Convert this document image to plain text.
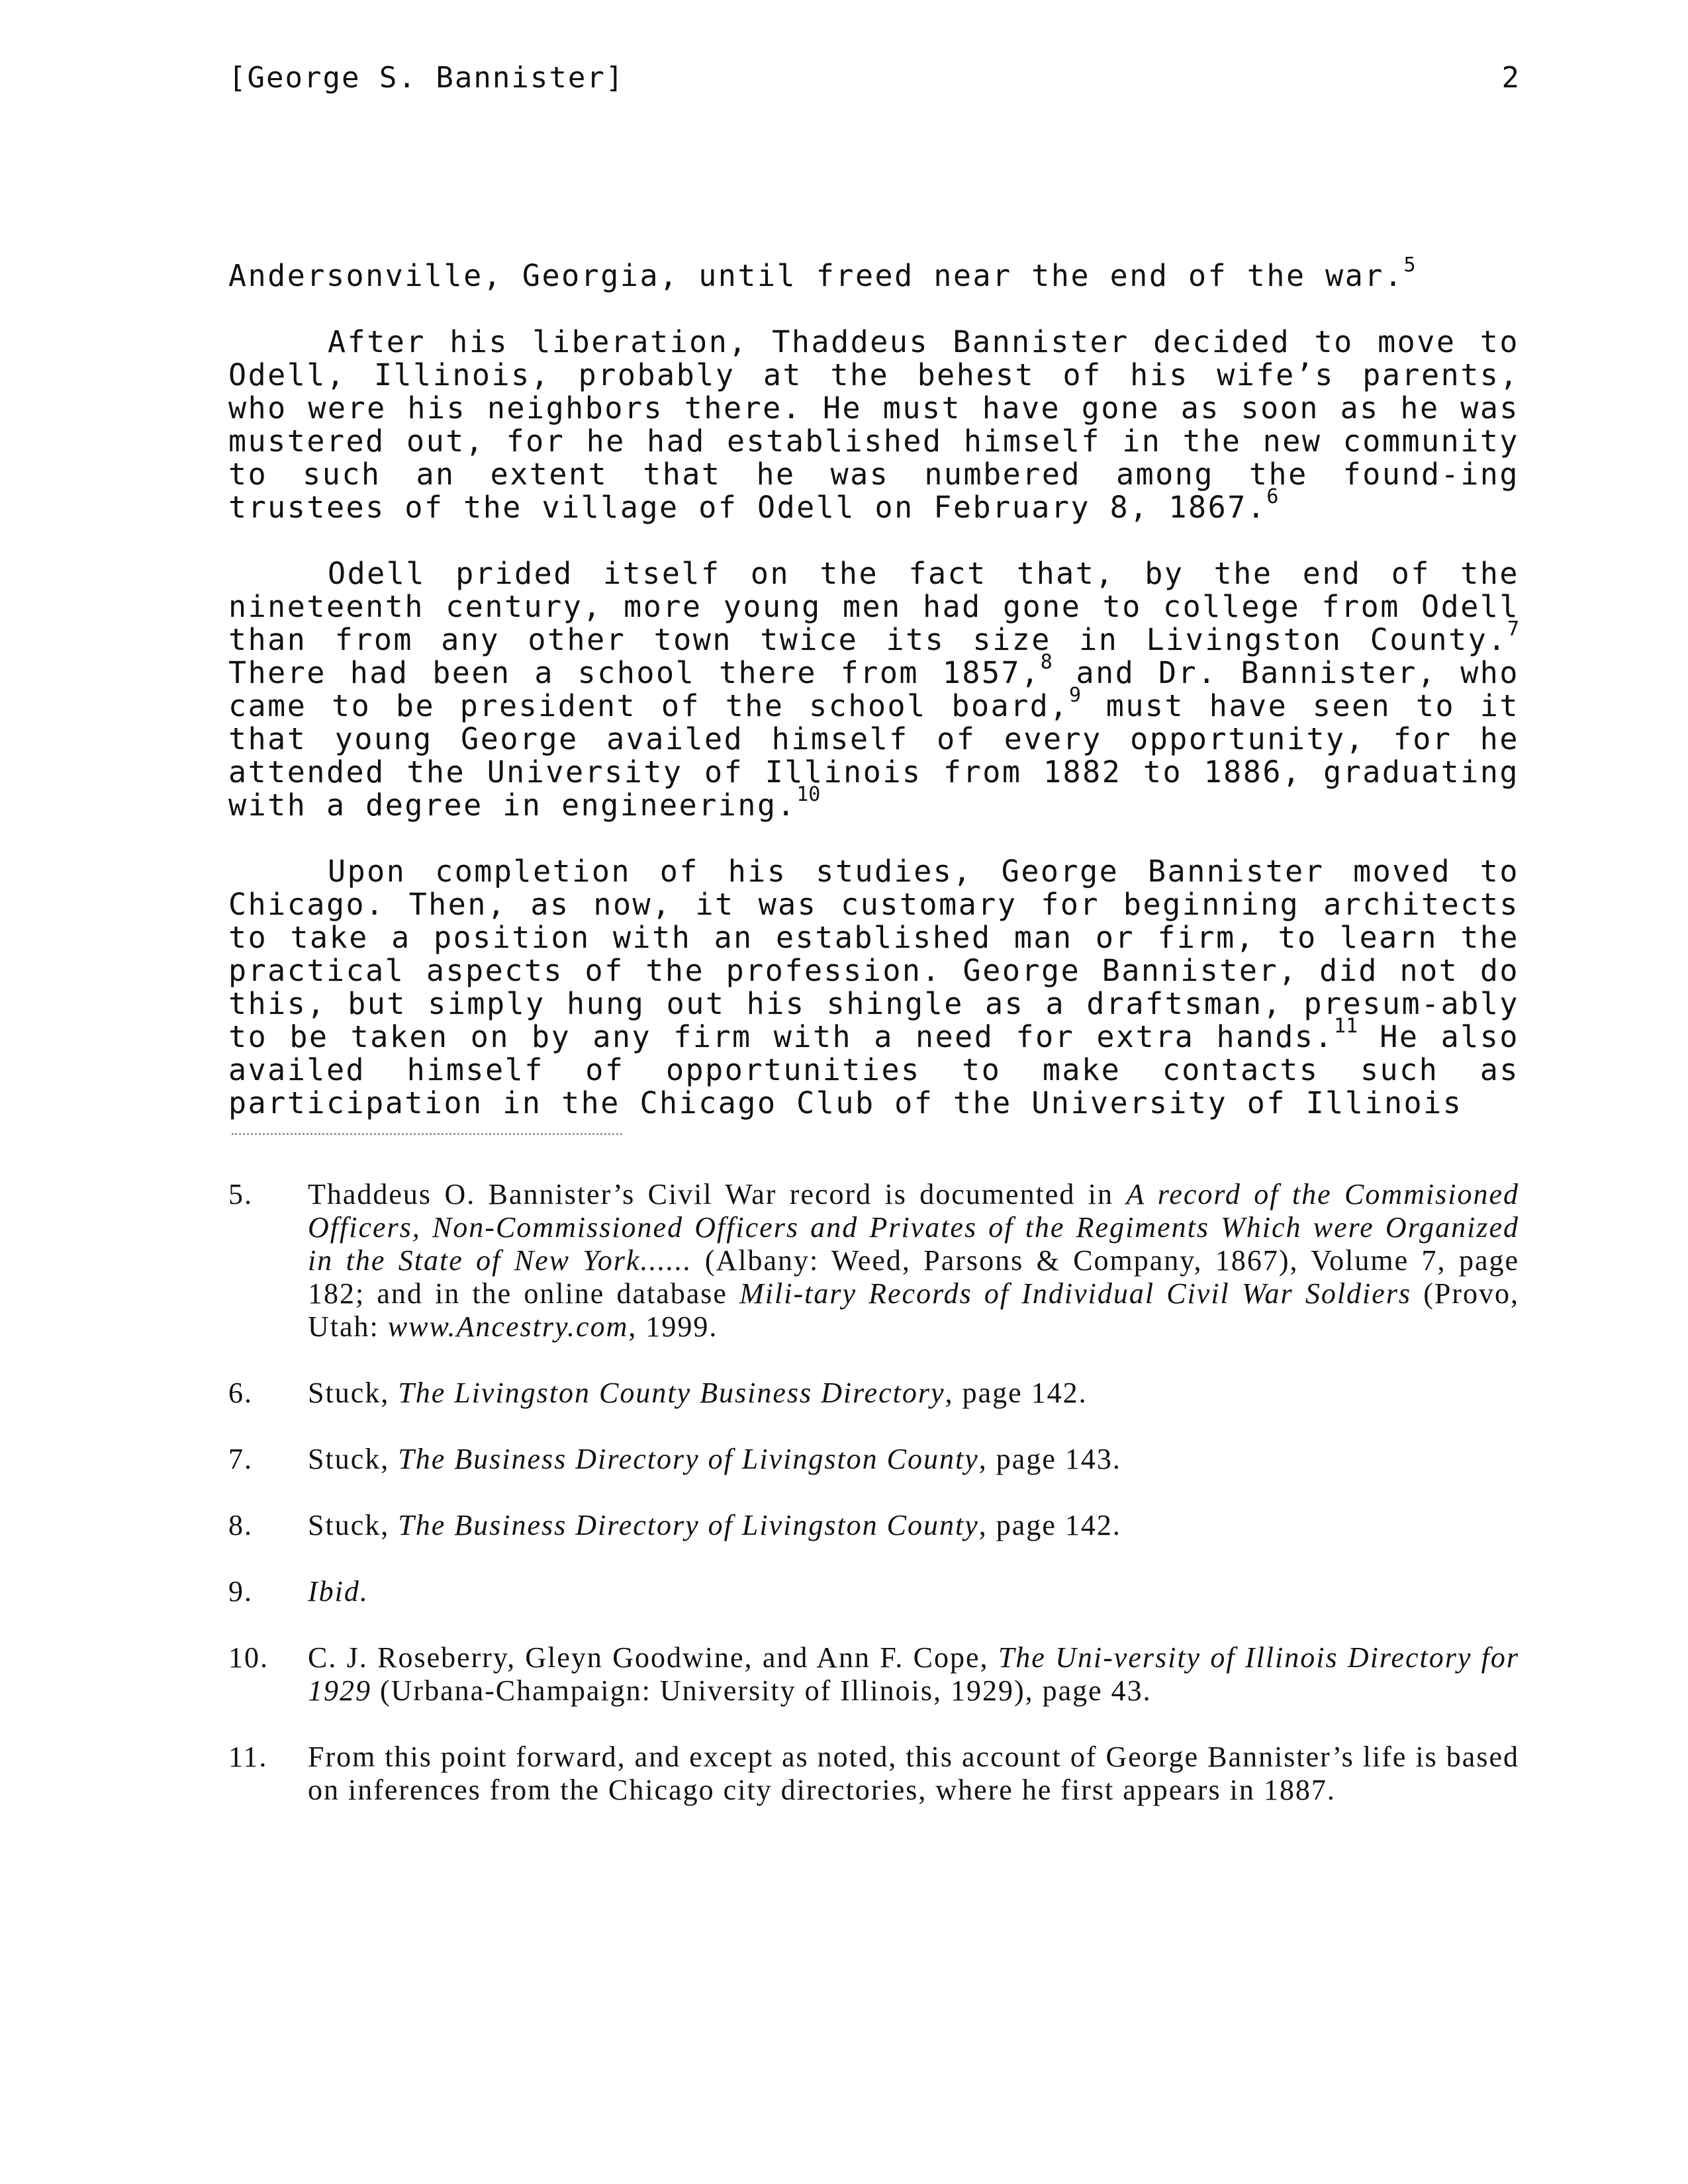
[George S. Bannister]	2

Andersonville, Georgia, until freed near the end of the war.$^5$

After his liberation, Thaddeus Bannister decided to move to Odell, Illinois, probably at the behest of his wife’s parents, who were his neighbors there. He must have gone as soon as he was mustered out, for he had established himself in the new community to such an extent that he was numbered among the found-ing trustees of the village of Odell on February 8, 1867.$^6$

Odell prided itself on the fact that, by the end of the nineteenth century, more young men had gone to college from Odell than from any other town twice its size in Livingston County.$^7$ There had been a school there from 1857,$^8$ and Dr. Bannister, who came to be president of the school board,$^9$ must have seen to it that young George availed himself of every opportunity, for he attended the University of Illinois from 1882 to 1886, graduating with a degree in engineering.$^{10}$

Upon completion of his studies, George Bannister moved to Chicago. Then, as now, it was customary for beginning architects to take a position with an established man or firm, to learn the practical aspects of the profession. George Bannister, did not do this, but simply hung out his shingle as a draftsman, presum-ably to be taken on by any firm with a need for extra hands.$^{11}$ He also availed himself of opportunities to make contacts such as participation in the Chicago Club of the University of Illinois

5. Thaddeus O. Bannister’s Civil War record is documented in A record of the Commisioned Officers, Non-Commissioned Officers and Privates of the Regiments Which were Organized in the State of New York...... (Albany: Weed, Parsons & Company, 1867), Volume 7, page 182; and in the online database Mili-tary Records of Individual Civil War Soldiers (Provo, Utah: www.Ancestry.com, 1999.
6. Stuck, The Livingston County Business Directory, page 142.
7. Stuck, The Business Directory of Livingston County, page 143.
8. Stuck, The Business Directory of Livingston County, page 142.
9. Ibid.
10. C. J. Roseberry, Gleyn Goodwine, and Ann F. Cope, The Uni-versity of Illinois Directory for 1929 (Urbana-Champaign: University of Illinois, 1929), page 43.
11. From this point forward, and except as noted, this account of George Bannister’s life is based on inferences from the Chicago city directories, where he first appears in 1887.
